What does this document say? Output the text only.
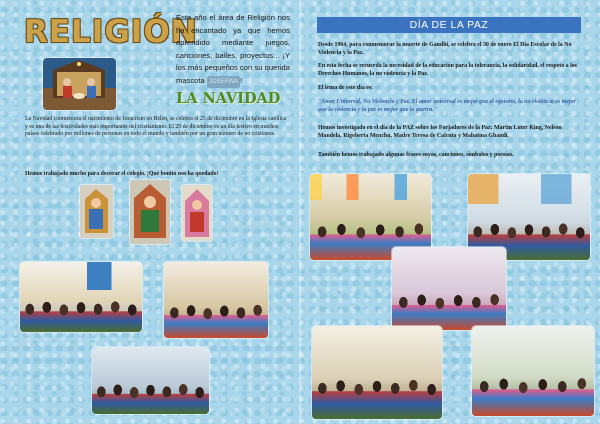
RELIGIÓN

Este año el área de Religión nos ha encantado ya que hemos aprendido mediante juegos, canciones, bailes, proyectos... ¡Y los más pequeños con su querida mascota JOSEFINA !

LA NAVIDAD

La Navidad conmemora el nacimiento de Jesucristo en Belén, se celebra el 25 de diciembre en la Iglesia católica y es una de las festividades más importantes del cristianismo. El 25 de diciembre es un día festivo en muchos países celebrado por millones de personas en todo el mundo y también por un gran número de no cristianos.

Hemos trabajado mucho para decorar el colegio. ¡Qué bonito nos ha quedado!

DÍA DE LA PAZ

Desde 1964, para conmemorar la muerte de Gandhi, se celebra el 30 de enero El Día Escolar de la No Violencia y la Paz.

En esta fecha se recuerda la necesidad de la educación para la tolerancia, la solidaridad, el respeto a los Derechos Humanos, la no violencia y la Paz.

El lema de este día es:

"Amor Universal, No Violencia y Paz. El amor universal es mejor que el egoísmo, la no violencia es mejor que la violencia y la paz es mejor que la guerra."

Hemos investigado en el día de la PAZ sobre los Forjadores de la Paz: Martin Luter King, Nelson Mandela, Rigoberta Menchu, Madre Teresa de Calcuta y Mahatma Ghandi.

También hemos trabajado algunas frases suyas, canciones, símbolos y poesías.
